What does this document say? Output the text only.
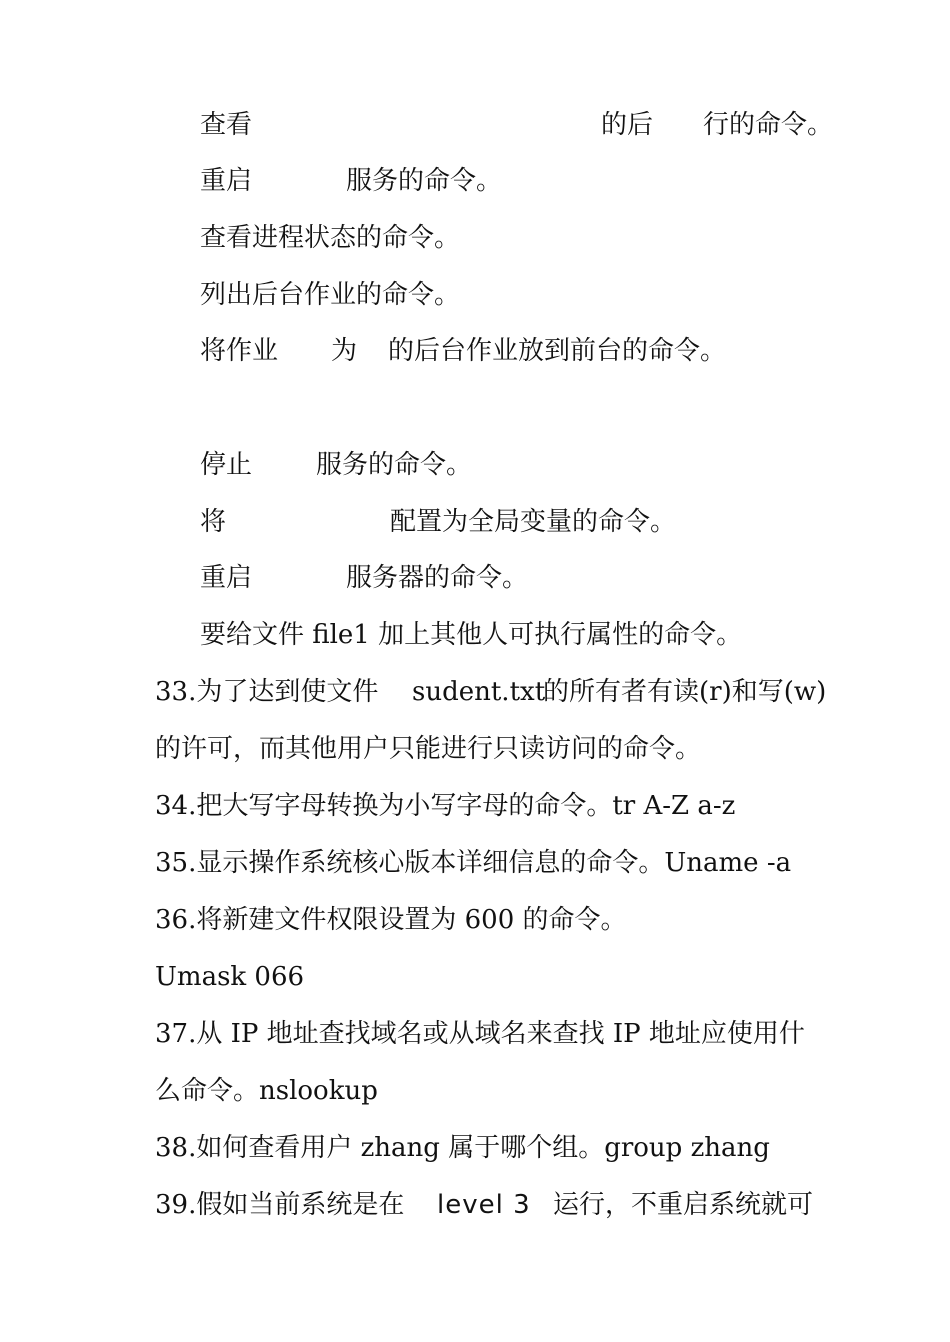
查看	的后 行的命令。
重启	服务的命令。
查看进程状态的命令。
列出后台作业的命令。
将作业 为 的后台作业放到前台的命令。
停止 服务的命令。
将	配置为全局变量的命令。
重启	服务器的命令。
要给文件 file1 加上其他人可执行属性的命令。
33.为了达到使文件 sudent.txt
的所有者有读(r)和写(w)
的许可，而其他用户只能进行只读访问的命令。
34.把大写字母转换为小写字母的命令。tr A-Z a-z
35.显示操作系统核心版本详细信息的命令。Uname -a
36.将新建文件权限设置为 600 的命令。
Umask 066
37.从 IP 地址查找域名或从域名来查找 IP 地址应使用什
么命令。nslookup
38.如何查看用户 zhang 属于哪个组。group zhang
39.假如当前系统是在 level 3 运行，不重启系统就可
